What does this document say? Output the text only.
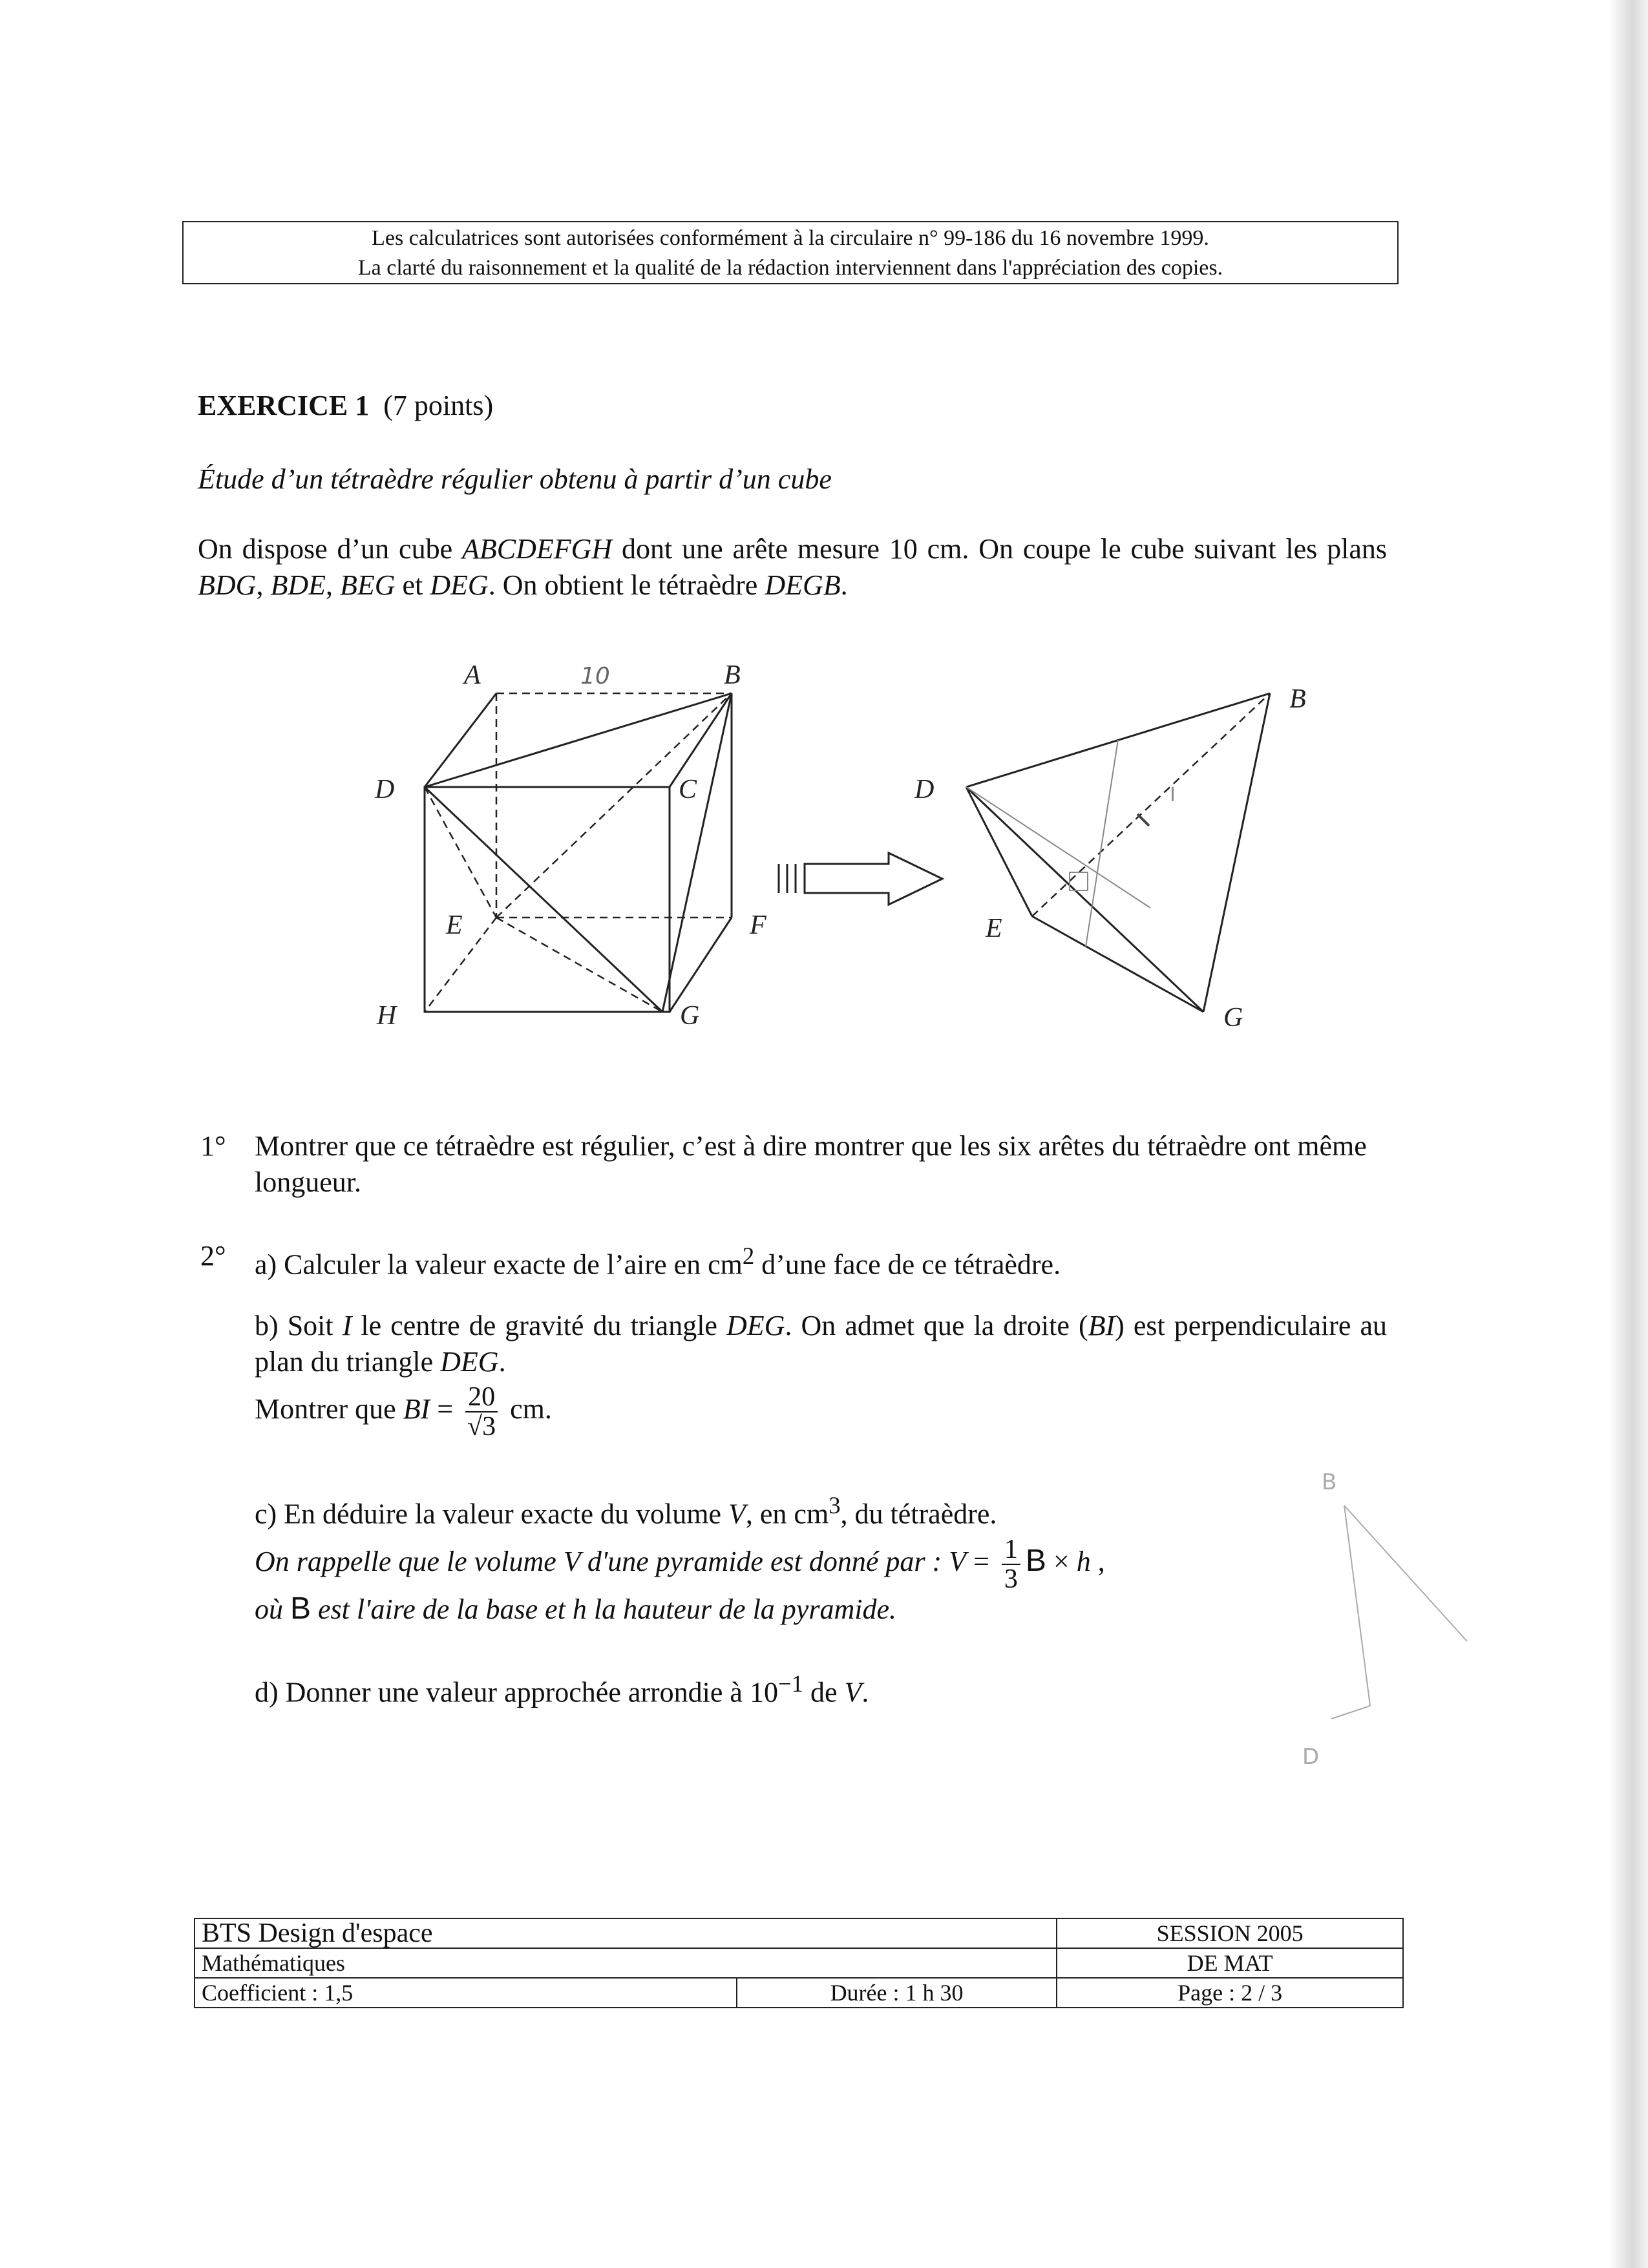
Les calculatrices sont autorisées conformément à la circulaire n° 99-186 du 16 novembre 1999.
La clarté du raisonnement et la qualité de la rédaction interviennent dans l'appréciation des copies.
EXERCICE 1 (7 points)
Étude d’un tétraèdre régulier obtenu à partir d’un cube
On dispose d’un cube ABCDEFGH dont une arête mesure 10 cm. On coupe le cube suivant les plans BDG, BDE, BEG et DEG. On obtient le tétraèdre DEGB.
A	B
C
D
E	F
G
H
10
B
D
E
G
I
B
D
1° Montrer que ce tétraèdre est régulier, c’est à dire montrer que les six arêtes du tétraèdre ont même longueur.
2° a) Calculer la valeur exacte de l’aire en $cm^2$ d’une face de ce tétraèdre.
b) Soit I le centre de gravité du triangle DEG. On admet que la droite (BI) est perpendiculaire au plan du triangle DEG.
Montrer que BI = $\frac{20}{√3}$ cm.
c) En déduire la valeur exacte du volume V, en $cm^3$, du tétraèdre.
On rappelle que le volume V d'une pyramide est donné par : $V = \frac{1}{3}$ B × h ,
où B est l'aire de la base et h la hauteur de la pyramide.
d) Donner une valeur approchée arrondie à $10^{-1}$ de V.
BTS Design d'espace		SESSION 2005
Mathématiques		DE MAT
Coefficient : 1,5	Durée : 1 h 30	Page : 2 / 3
